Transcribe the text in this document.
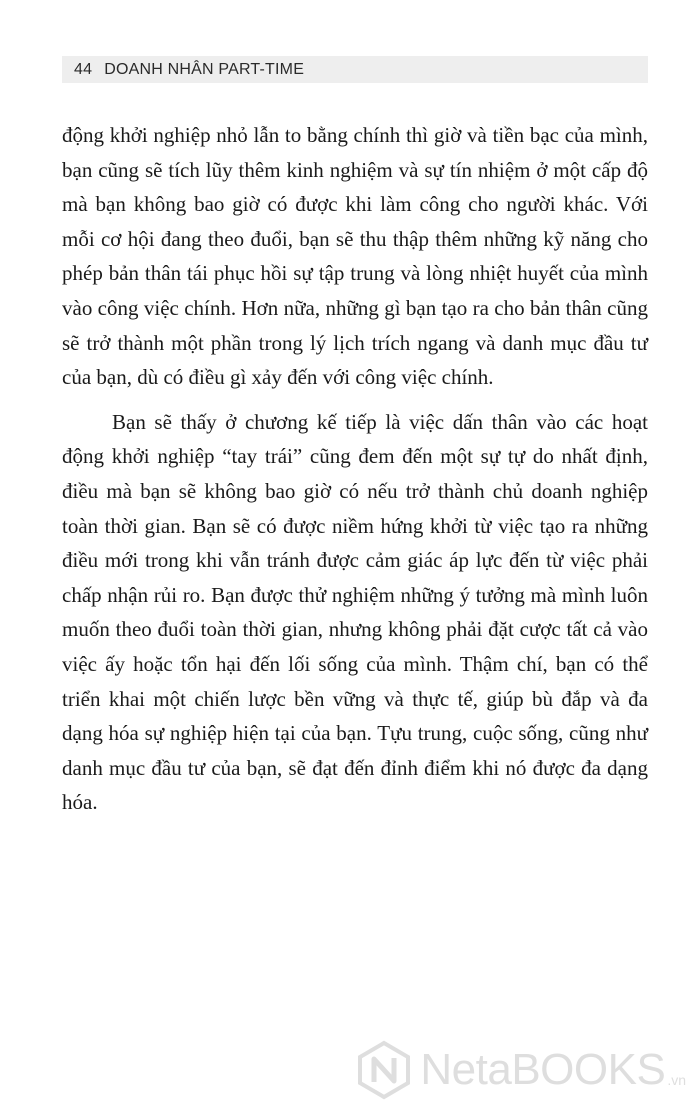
44 DOANH NHÂN PART-TIME

động khởi nghiệp nhỏ lẫn to bằng chính thì giờ và tiền bạc của mình, bạn cũng sẽ tích lũy thêm kinh nghiệm và sự tín nhiệm ở một cấp độ mà bạn không bao giờ có được khi làm công cho người khác. Với mỗi cơ hội đang theo đuổi, bạn sẽ thu thập thêm những kỹ năng cho phép bản thân tái phục hồi sự tập trung và lòng nhiệt huyết của mình vào công việc chính. Hơn nữa, những gì bạn tạo ra cho bản thân cũng sẽ trở thành một phần trong lý lịch trích ngang và danh mục đầu tư của bạn, dù có điều gì xảy đến với công việc chính.

Bạn sẽ thấy ở chương kế tiếp là việc dấn thân vào các hoạt động khởi nghiệp “tay trái” cũng đem đến một sự tự do nhất định, điều mà bạn sẽ không bao giờ có nếu trở thành chủ doanh nghiệp toàn thời gian. Bạn sẽ có được niềm hứng khởi từ việc tạo ra những điều mới trong khi vẫn tránh được cảm giác áp lực đến từ việc phải chấp nhận rủi ro. Bạn được thử nghiệm những ý tưởng mà mình luôn muốn theo đuổi toàn thời gian, nhưng không phải đặt cược tất cả vào việc ấy hoặc tổn hại đến lối sống của mình. Thậm chí, bạn có thể triển khai một chiến lược bền vững và thực tế, giúp bù đắp và đa dạng hóa sự nghiệp hiện tại của bạn. Tựu trung, cuộc sống, cũng như danh mục đầu tư của bạn, sẽ đạt đến đỉnh điểm khi nó được đa dạng hóa.

NetaBOOKS .vn
